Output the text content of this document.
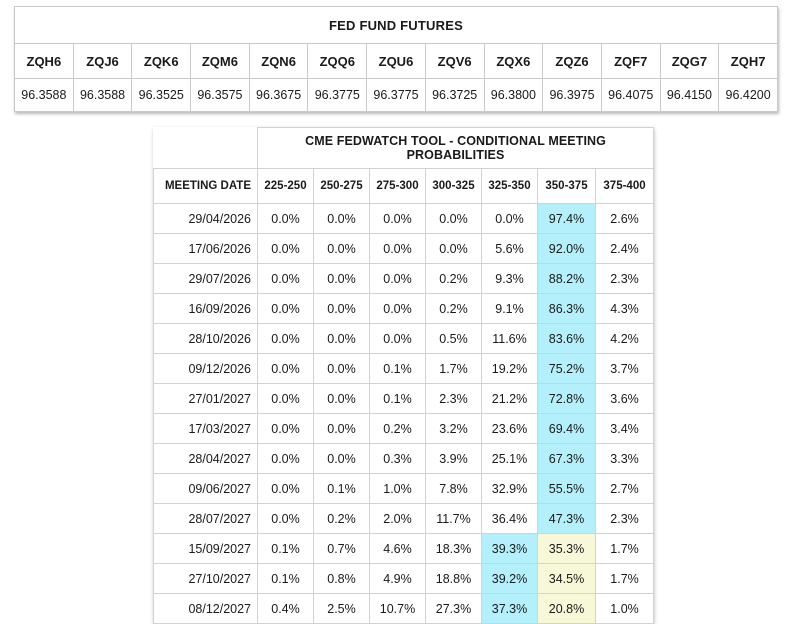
FED FUND FUTURES												
ZQH6	ZQJ6	ZQK6	ZQM6	ZQN6	ZQQ6	ZQU6	ZQV6	ZQX6	ZQZ6	ZQF7	ZQG7	ZQH7
96.3588	96.3588	96.3525	96.3575	96.3675	96.3775	96.3775	96.3725	96.3800	96.3975	96.4075	96.4150	96.4200
	CME FEDWATCH TOOL - CONDITIONAL MEETING PROBABILITIES						
MEETING DATE	225-250	250-275	275-300	300-325	325-350	350-375	375-400
29/04/2026	0.0%	0.0%	0.0%	0.0%	0.0%	97.4%	2.6%
17/06/2026	0.0%	0.0%	0.0%	0.0%	5.6%	92.0%	2.4%
29/07/2026	0.0%	0.0%	0.0%	0.2%	9.3%	88.2%	2.3%
16/09/2026	0.0%	0.0%	0.0%	0.2%	9.1%	86.3%	4.3%
28/10/2026	0.0%	0.0%	0.0%	0.5%	11.6%	83.6%	4.2%
09/12/2026	0.0%	0.0%	0.1%	1.7%	19.2%	75.2%	3.7%
27/01/2027	0.0%	0.0%	0.1%	2.3%	21.2%	72.8%	3.6%
17/03/2027	0.0%	0.0%	0.2%	3.2%	23.6%	69.4%	3.4%
28/04/2027	0.0%	0.0%	0.3%	3.9%	25.1%	67.3%	3.3%
09/06/2027	0.0%	0.1%	1.0%	7.8%	32.9%	55.5%	2.7%
28/07/2027	0.0%	0.2%	2.0%	11.7%	36.4%	47.3%	2.3%
15/09/2027	0.1%	0.7%	4.6%	18.3%	39.3%	35.3%	1.7%
27/10/2027	0.1%	0.8%	4.9%	18.8%	39.2%	34.5%	1.7%
08/12/2027	0.4%	2.5%	10.7%	27.3%	37.3%	20.8%	1.0%
